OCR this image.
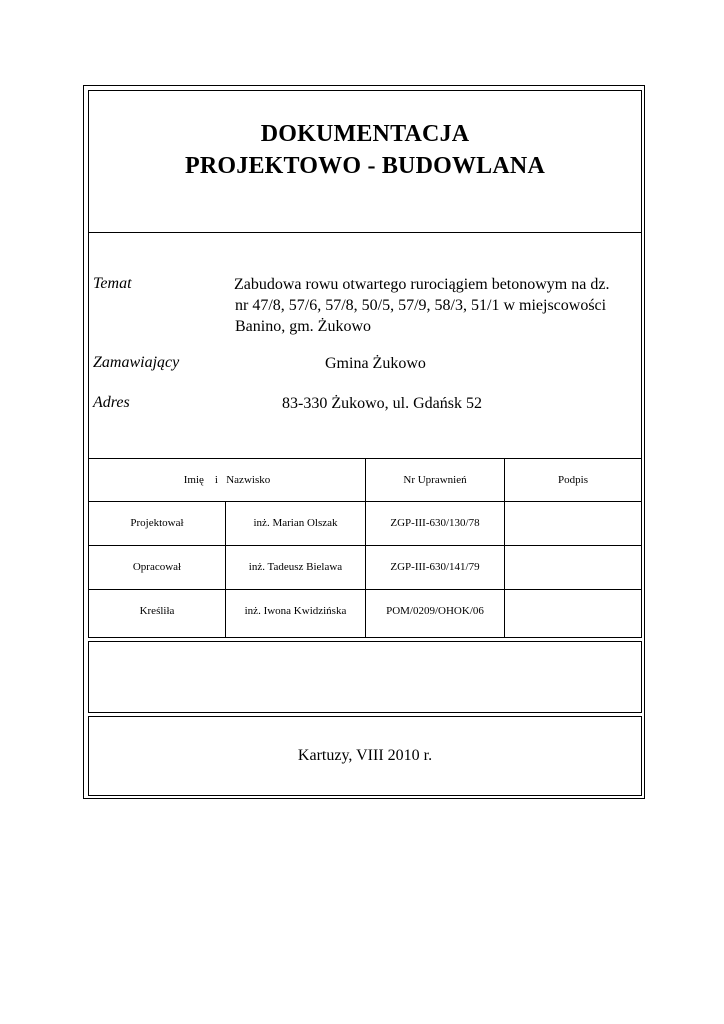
DOKUMENTACJA
PROJEKTOWO - BUDOWLANA
Temat	Zabudowa rowu otwartego rurociągiem betonowym na dz.
nr 47/8, 57/6, 57/8, 50/5, 57/9, 58/3, 51/1 w miejscowości
Banino, gm. Żukowo
Zamawiający	Gmina Żukowo
Adres	83-330 Żukowo, ul. Gdańsk 52
Imię    i   Nazwisko	Nr Uprawnień	Podpis
Projektował	inż. Marian Olszak	ZGP-III-630/130/78
Opracował	inż. Tadeusz Bielawa	ZGP-III-630/141/79
Kreśliła	inż. Iwona Kwidzińska	POM/0209/OHOK/06
Kartuzy, VIII 2010 r.
